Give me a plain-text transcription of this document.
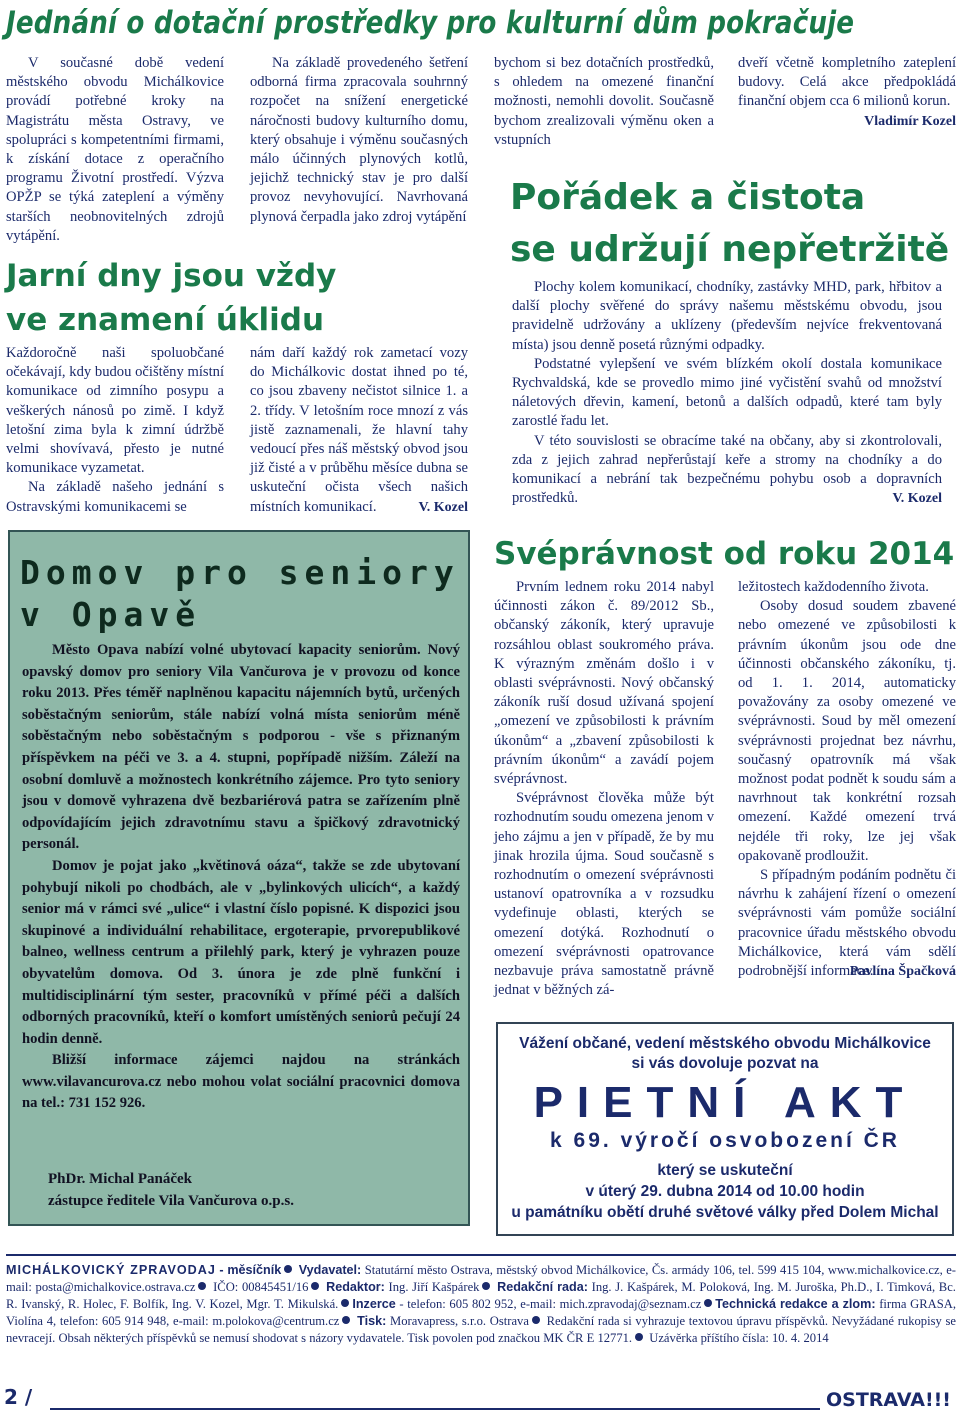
Jednání o dotační prostředky pro kulturní dům pokračuje

V současné době vedení městského obvodu Michálkovice provádí potřebné kroky na Magistrátu města Ostravy, ve spolupráci s kompetentními firmami, k získání dotace z operačního programu Životní prostředí. Výzva OPŽP se týká zateplení a výměny starších neobnovitelných zdrojů vytápění.

Na základě provedeného šetření odborná firma zpracovala souhrnný rozpočet na snížení energetické náročnosti budovy kulturního domu, který obsahuje i výměnu současných málo účinných plynových kotlů, jejichž technický stav je pro další provoz nevyhovující. Navrhovaná plynová čerpadla jako zdroj vytápění

bychom si bez dotačních prostředků, s ohledem na omezené finanční možnosti, nemohli dovolit. Současně bychom zrealizovali výměnu oken a vstupních

dveří včetně kompletního zateplení budovy. Celá akce předpokládá finanční objem cca 6 milionů korun.

Vladimír Kozel
Jarní dny jsou vždy
ve znamení úklidu

Každoročně naši spoluobčané očekávají, kdy budou očištěny místní komunikace od zimního posypu a veškerých nánosů po zimě. I když letošní zima byla k zimní údržbě velmi shovívavá, přesto je nutné komunikace vyzametat.

Na základě našeho jednání s Ostravskými komunikacemi se

nám daří každý rok zametací vozy do Michálkovic dostat ihned po té, co jsou zbaveny nečistot silnice 1. a 2. třídy. V letošním roce mnozí z vás jistě zaznamenali, že hlavní tahy vedoucí přes náš městský obvod jsou již čisté a v průběhu měsíce dubna se uskuteční očista všech našich místních komunikací.	V. Kozel
Pořádek a čistota
se udržují nepřetržitě

Plochy kolem komunikací, chodníky, zastávky MHD, park, hřbitov a další plochy svěřené do správy našemu městskému obvodu, jsou pravidelně udržovány a uklízeny (především nejvíce frekventovaná místa) jsou denně posetá různými odpadky.

Podstatné vylepšení ve svém blízkém okolí dostala komunikace Rychvaldská, kde se provedlo mimo jiné vyčistění svahů od množství náletových dřevin, kamení, betonů a dalších odpadů, které tam byly zarostlé řadu let.

V této souvislosti se obracíme také na občany, aby si zkontrolovali, zda z jejich zahrad nepřerůstají keře a stromy na chodníky a do komunikací a nebrání tak bezpečnému pohybu osob a dopravních prostředků.	V. Kozel
Domov pro seniory
v Opavě

Město Opava nabízí volné ubytovací kapacity seniorům. Nový opavský domov pro seniory Vila Vančurova je v provozu od konce roku 2013. Přes téměř naplněnou kapacitu nájemních bytů, určených soběstačným seniorům, stále nabízí volná místa seniorům méně soběstačným nebo soběstačným s podporou - vše s přiznaným příspěvkem na péči ve 3. a 4. stupni, popřípadě nižším. Záleží na osobní domluvě a možnostech konkrétního zájemce. Pro tyto seniory jsou v domově vyhrazena dvě bezbariérová patra se zařízením plně odpovídajícím jejich zdravotnímu stavu a špičkový zdravotnický personál.

Domov je pojat jako „květinová oáza“, takže se zde ubytovaní pohybují nikoli po chodbách, ale v „bylinkových ulicích“, a každý senior má v rámci své „ulice“ i vlastní číslo popisné. K dispozici jsou skupinové a individuální rehabilitace, ergoterapie, prvorepublikové balneo, wellness centrum a přilehlý park, který je vyhrazen pouze obyvatelům domova. Od 3. února je zde plně funkční i multidisciplinární tým sester, pracovníků v přímé péči a dalších odborných pracovníků, kteří o komfort umístěných seniorů pečují 24 hodin denně.

Bližší informace zájemci najdou na stránkách www.vilavancurova.cz nebo mohou volat sociální pracovnici domova na tel.: 731 152 926.

PhDr. Michal Panáček
zástupce ředitele Vila Vančurova o.p.s.
Svéprávnost od roku 2014

Prvním lednem roku 2014 nabyl účinnosti zákon č. 89/2012 Sb., občanský zákoník, který upravuje rozsáhlou oblast soukromého práva. K výrazným změnám došlo i v oblasti svéprávnosti. Nový občanský zákoník ruší dosud užívaná spojení „omezení ve způsobilosti k právním úkonům“ a „zbavení způsobilosti k právním úkonům“ a zavádí pojem svéprávnost.

Svéprávnost člověka může být rozhodnutím soudu omezena jenom v jeho zájmu a jen v případě, že by mu jinak hrozila újma. Soud současně s rozhodnutím o omezení svéprávnosti ustanoví opatrovníka a v rozsudku vydefinuje oblasti, kterých se omezení dotýká. Rozhodnutí o omezení svéprávnosti opatrovance nezbavuje práva samostatně právně jednat v běžných zá-

ležitostech každodenního života.

Osoby dosud soudem zbavené nebo omezené ve způsobilosti k právním úkonům jsou ode dne účinnosti občanského zákoníku, tj. od 1. 1. 2014, automaticky považovány za osoby omezené ve svéprávnosti. Soud by měl omezení svéprávnosti projednat bez návrhu, současný opatrovník má však možnost podat podnět k soudu sám a navrhnout tak konkrétní rozsah omezení. Každé omezení trvá nejdéle tři roky, lze jej však opakovaně prodloužit.

S případným podáním podnětu či návrhu k zahájení řízení o omezení svéprávnosti vám pomůže sociální pracovnice úřadu městského obvodu Michálkovice, která vám sdělí podrobnější informace.

Pavlína Špačková
Vážení občané, vedení městského obvodu Michálkovice
si vás dovoluje pozvat na
PIETNÍ AKT
k 69. výročí osvobození ČR
který se uskuteční
v úterý 29. dubna 2014 od 10.00 hodin
u památníku obětí druhé světové války před Dolem Michal
MICHÁLKOVICKÝ ZPRAVODAJ - měsíčník Vydavatel: Statutární město Ostrava, městský obvod Michálkovice, Čs. armády 106, tel. 599 415 104, www.michalkovice.cz, e-mail: posta@michalkovice.ostrava.cz IČO: 00845451/16 Redaktor: Ing. Jiří Kašpárek Redakční rada: Ing. J. Kašpárek, M. Poloková, Ing. M. Juroška, Ph.D., I. Timková, Bc. R. Ivanský, R. Holec, F. Bolfík, Ing. V. Kozel, Mgr. T. Mikulská. Inzerce - telefon: 605 802 952, e-mail: mich.zpravodaj@seznam.cz Technická redakce a zlom: firma GRASA, Violína 4, telefon: 605 914 948, e-mail: m.polokova@centrum.cz Tisk: Moravapress, s.r.o. Ostrava Redakční rada si vyhrazuje textovou úpravu příspěvků. Nevyžádané rukopisy se nevracejí. Obsah některých příspěvků se nemusí shodovat s názory vydavatele. Tisk povolen pod značkou MK ČR E 12771. Uzávěrka příštího čísla: 10. 4. 2014
2 /	OSTRAVA!!!
